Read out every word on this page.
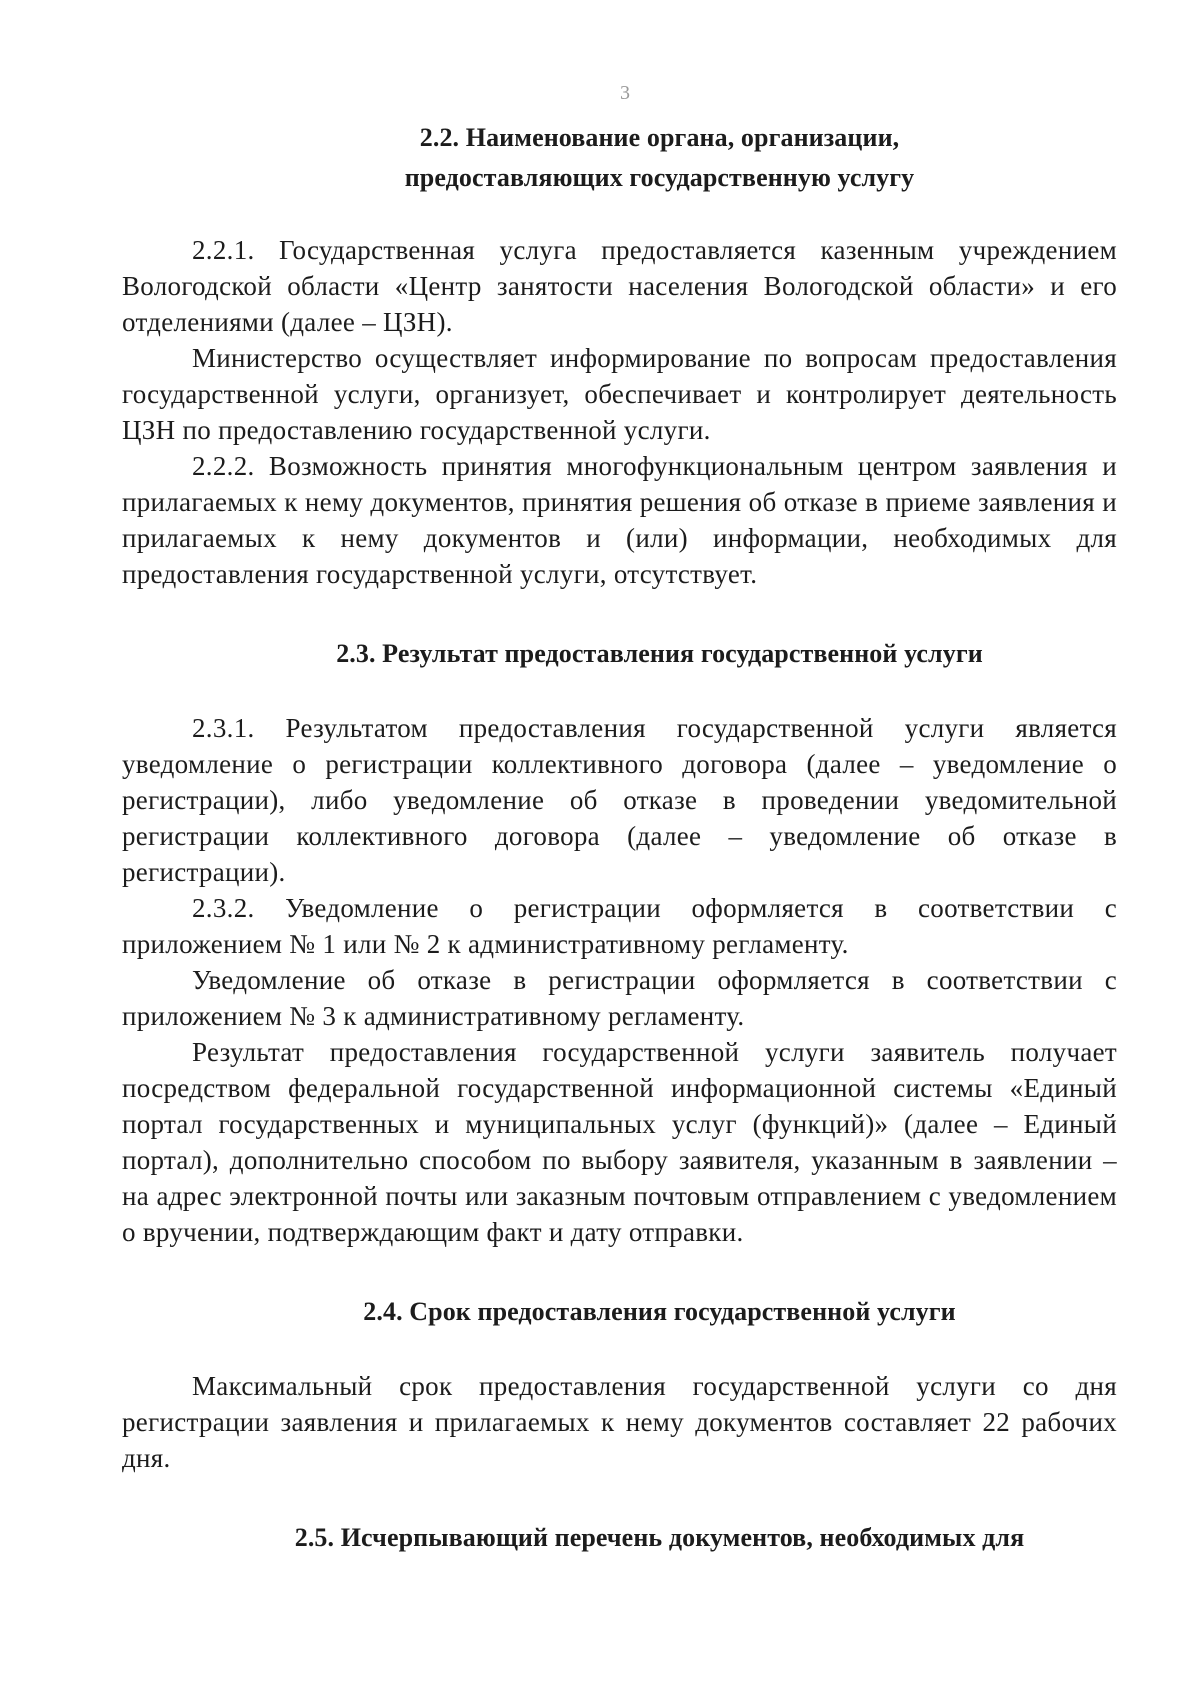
3

2.2. Наименование органа, организации,

предоставляющих государственную услугу

2.2.1. Государственная услуга предоставляется казенным учреждением Вологодской области «Центр занятости населения Вологодской области» и его отделениями (далее – ЦЗН).

Министерство осуществляет информирование по вопросам предоставления государственной услуги, организует, обеспечивает и контролирует деятельность ЦЗН по предоставлению государственной услуги.

2.2.2. Возможность принятия многофункциональным центром заявления и прилагаемых к нему документов, принятия решения об отказе в приеме заявления и прилагаемых к нему документов и (или) информации, необходимых для предоставления государственной услуги, отсутствует.

2.3. Результат предоставления государственной услуги

2.3.1. Результатом предоставления государственной услуги является уведомление о регистрации коллективного договора (далее – уведомление о регистрации), либо уведомление об отказе в проведении уведомительной регистрации коллективного договора (далее – уведомление об отказе в регистрации).

2.3.2. Уведомление о регистрации оформляется в соответствии с приложением № 1 или № 2 к административному регламенту.

Уведомление об отказе в регистрации оформляется в соответствии с приложением № 3 к административному регламенту.

Результат предоставления государственной услуги заявитель получает посредством федеральной государственной информационной системы «Единый портал государственных и муниципальных услуг (функций)» (далее – Единый портал), дополнительно способом по выбору заявителя, указанным в заявлении – на адрес электронной почты или заказным почтовым отправлением с уведомлением о вручении, подтверждающим факт и дату отправки.

2.4. Срок предоставления государственной услуги

Максимальный срок предоставления государственной услуги со дня регистрации заявления и прилагаемых к нему документов составляет 22 рабочих дня.

2.5. Исчерпывающий перечень документов, необходимых для
